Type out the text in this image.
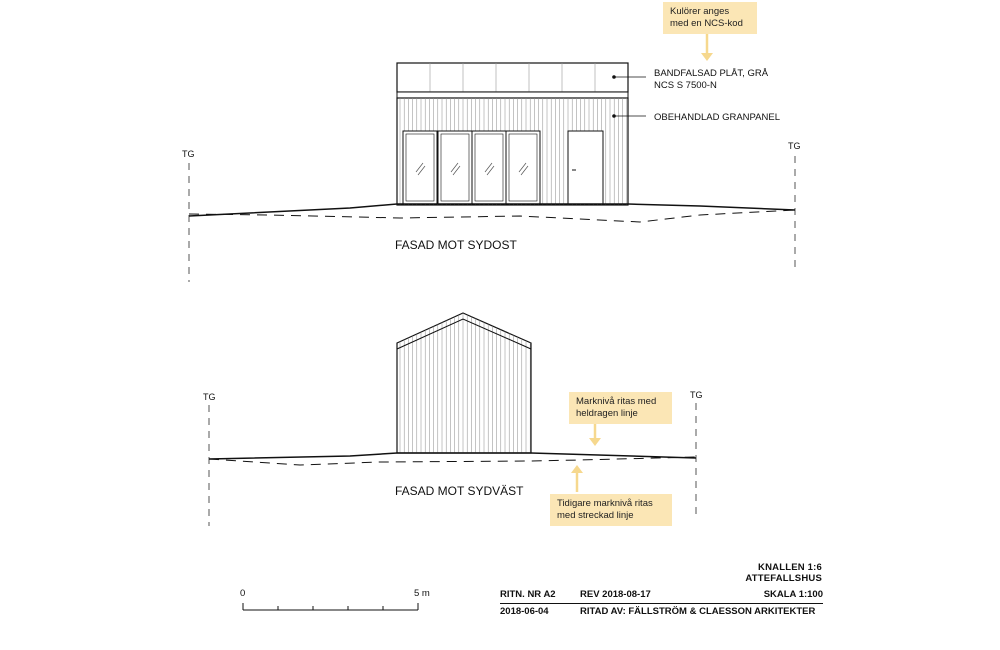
TG
TG
BANDFALSAD PLÅT, GRÅ
NCS S 7500-N
OBEHANDLAD GRANPANEL
FASAD MOT SYDOST
TG	TG
FASAD MOT SYDVÄST
0	5 m
Kulörer anges
med en NCS-kod
Marknivå ritas med
heldragen linje
Tidigare marknivå ritas
med streckad linje
KNALLEN 1:6
ATTEFALLSHUS
RITN. NR A2	REV 2018-08-17	SKALA 1:100
2018-06-04	RITAD AV: FÄLLSTRÖM & CLAESSON ARKITEKTER
